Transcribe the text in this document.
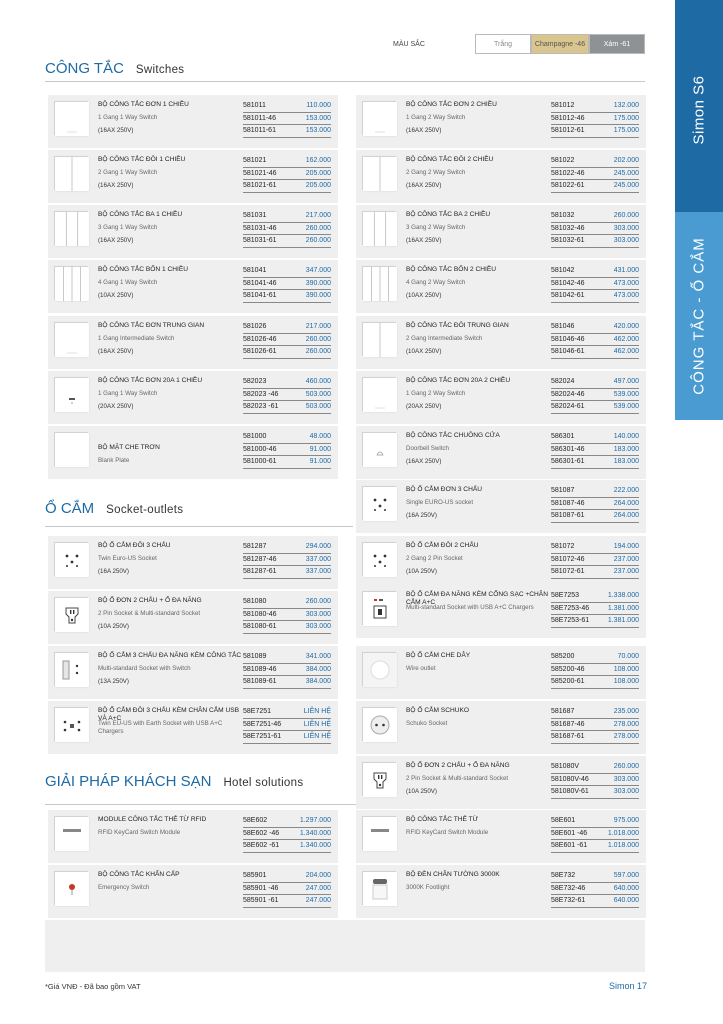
Simon S6
CÔNG TẮC - Ổ CẮM
MÀU SẮC	Trắng	Champagne -46	Xám -61
CÔNG TẮC Switches
Ổ CẮM Socket-outlets
GIẢI PHÁP KHÁCH SẠN Hotel solutions
BỘ CÔNG TẮC ĐƠN 1 CHIỀU
1 Gang 1 Way Switch
(16AX 250V)
581011	110.000
581011-46	153.000
581011-61	153.000
BỘ CÔNG TẮC ĐƠN 2 CHIỀU
1 Gang 2 Way Switch
(16AX 250V)
581012	132.000
581012-46	175.000
581012-61	175.000
BỘ CÔNG TẮC ĐÔI 1 CHIỀU
2 Gang 1 Way Switch
(16AX 250V)
581021	162.000
581021-46	205.000
581021-61	205.000
BỘ CÔNG TẮC ĐÔI 2 CHIỀU
2 Gang 2 Way Switch
(16AX 250V)
581022	202.000
581022-46	245.000
581022-61	245.000
BỘ CÔNG TẮC BA 1 CHIỀU
3 Gang 1 Way Switch
(16AX 250V)
581031	217.000
581031-46	260.000
581031-61	260.000
BỘ CÔNG TẮC BA 2 CHIỀU
3 Gang 2 Way Switch
(16AX 250V)
581032	260.000
581032-46	303.000
581032-61	303.000
BỘ CÔNG TẮC BỐN 1 CHIỀU
4 Gang 1 Way Switch
(10AX 250V)
581041	347.000
581041-46	390.000
581041-61	390.000
BỘ CÔNG TẮC BỐN 2 CHIỀU
4 Gang 2 Way Switch
(10AX 250V)
581042	431.000
581042-46	473.000
581042-61	473.000
BỘ CÔNG TẮC ĐƠN TRUNG GIAN
1 Gang Intermediate Switch
(16AX 250V)
581026	217.000
581026-46	260.000
581026-61	260.000
BỘ CÔNG TẮC ĐÔI TRUNG GIAN
2 Gang Intermediate Switch
(10AX 250V)
581046	420.000
581046-46	462.000
581046-61	462.000
BỘ CÔNG TẮC ĐƠN 20A 1 CHIỀU
1 Gang 1 Way Switch
(20AX 250V)
582023	460.000
582023 -46	503.000
582023 -61	503.000
BỘ CÔNG TẮC ĐƠN 20A 2 CHIỀU
1 Gang 2 Way Switch
(20AX 250V)
582024	497.000
582024-46	539.000
582024-61	539.000
581000	48.000
581000-46	91.000
581000-61	91.000
BỘ MẶT CHE TRƠN
Blank Plate
BỘ CÔNG TẮC CHUÔNG CỬA
Doorbell Switch
(16AX 250V)
586301	140.000
586301-46	183.000
586301-61	183.000
BỘ Ổ CẮM ĐƠN 3 CHẤU
Single EURO-US socket
(16A 250V)
581087	222.000
581087-46	264.000
581087-61	264.000
BỘ Ổ CẮM ĐÔI 3 CHẤU
Twin Euro-US Socket
(16A 250V)
581287	294.000
581287-46	337.000
581287-61	337.000
BỘ Ổ CẮM ĐÔI 2 CHẤU
2 Gang 2 Pin Socket
(10A 250V)
581072	194.000
581072-46	237.000
581072-61	237.000
BỘ Ổ ĐƠN 2 CHẤU + Ổ ĐA NĂNG
2 Pin Socket & Multi-standard Socket
(10A 250V)
581080	260.000
581080-46	303.000
581080-61	303.000
BỘ Ổ CẮM ĐA NĂNG KÈM CỔNG SẠC +CHÂN CẮM A+C
Multi-standard Socket with USB A+C Chargers
58E7253	1.338.000
58E7253-46	1.381.000
58E7253-61	1.381.000
BỘ Ổ CẮM 3 CHẤU ĐA NĂNG KÈM CÔNG TẮC
Multi-standard Socket with Switch
(13A 250V)
581089	341.000
581089-46	384.000
581089-61	384.000
BỘ Ổ CẮM CHE DÂY
Wire outlet
585200	70.000
585200-46	108.000
585200-61	108.000
BỘ Ổ CẮM ĐÔI 3 CHẤU KÈM CHÂN CẮM USB VÀ A+C
Twin EU-US with Earth Socket with USB A+C Chargers
58E7251	LIÊN HỆ
58E7251-46	LIÊN HỆ
58E7251-61	LIÊN HỆ
BỘ Ổ CẮM SCHUKO
Schuko Socket
581687	235.000
581687-46	278.000
581687-61	278.000
BỘ Ổ ĐƠN 2 CHẤU + Ổ ĐA NĂNG
2 Pin Socket & Multi-standard Socket
(10A 250V)
581080V	260.000
581080V-46	303.000
581080V-61	303.000
MODULE CÔNG TẮC THẺ TỪ RFID
RFID KeyCard Switch Module
58E602	1.297.000
58E602 -46	1.340.000
58E602 -61	1.340.000
BỘ CÔNG TẮC THẺ TỪ
RFID KeyCard Switch Module
58E601	975.000
58E601 -46	1.018.000
58E601 -61	1.018.000
BỘ CÔNG TẮC KHẨN CẤP
Emergency Switch
585901	204.000
585901 -46	247.000
585901 -61	247.000
BỘ ĐÈN CHÂN TƯỜNG 3000K
3000K Footlight
58E732	597.000
58E732-46	640.000
58E732-61	640.000
*Giá VNĐ - Đã bao gồm VAT	Simon 17
